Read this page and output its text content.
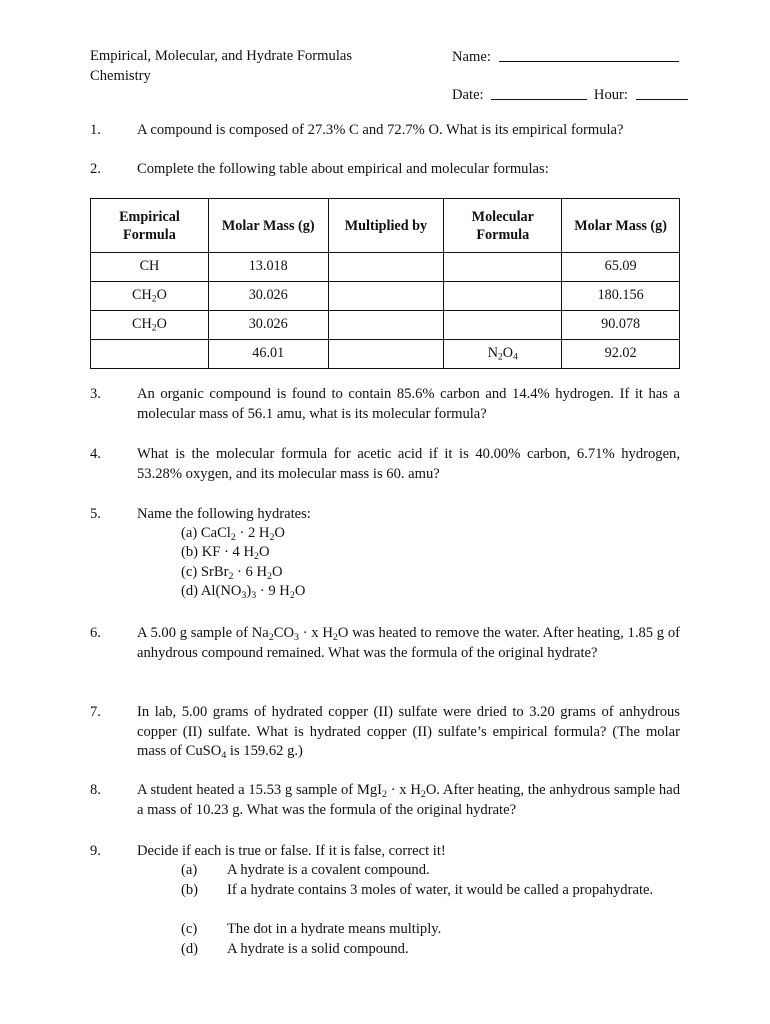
Empirical, Molecular, and Hydrate Formulas
Chemistry
Name:
Date:	Hour:
1. A compound is composed of 27.3% C and 72.7% O. What is its empirical formula?
2. Complete the following table about empirical and molecular formulas:
Empirical Formula	Molar Mass (g)	Multiplied by	Molecular Formula	Molar Mass (g)
CH	13.018			65.09
$CH_2O$	30.026			180.156
$CH_2O$	30.026			90.078
	46.01		$N_2O_4$	92.02
3. An organic compound is found to contain 85.6% carbon and 14.4% hydrogen. If it has a molecular mass of 56.1 amu, what is its molecular formula?
4. What is the molecular formula for acetic acid if it is 40.00% carbon, 6.71% hydrogen, 53.28% oxygen, and its molecular mass is 60. amu?
5. Name the following hydrates:
(a) CaCl$_2$ · 2 $H_2O$
(b) KF · 4 $H_2O$
(c) SrBr$_2$ · 6 $H_2O$
(d) $Al(NO_3)_3 \cdot 9$ $H_2O$
6. A 5.00 g sample of $Na_2CO_3 \cdot x$ $H_2O$ was heated to remove the water. After heating, 1.85 g of anhydrous compound remained. What was the formula of the original hydrate?
7. In lab, 5.00 grams of hydrated copper (II) sulfate were dried to 3.20 grams of anhydrous copper (II) sulfate. What is hydrated copper (II) sulfate’s empirical formula? (The molar mass of CuSO$_4$ is 159.62 g.)
8. A student heated a 15.53 g sample of MgI$_2$ · x $H_2O$. After heating, the anhydrous sample had a mass of 10.23 g. What was the formula of the original hydrate?
9. Decide if each is true or false. If it is false, correct it!
(a) A hydrate is a covalent compound.
(b) If a hydrate contains 3 moles of water, it would be called a propahydrate.
(c) The dot in a hydrate means multiply.
(d) A hydrate is a solid compound.
